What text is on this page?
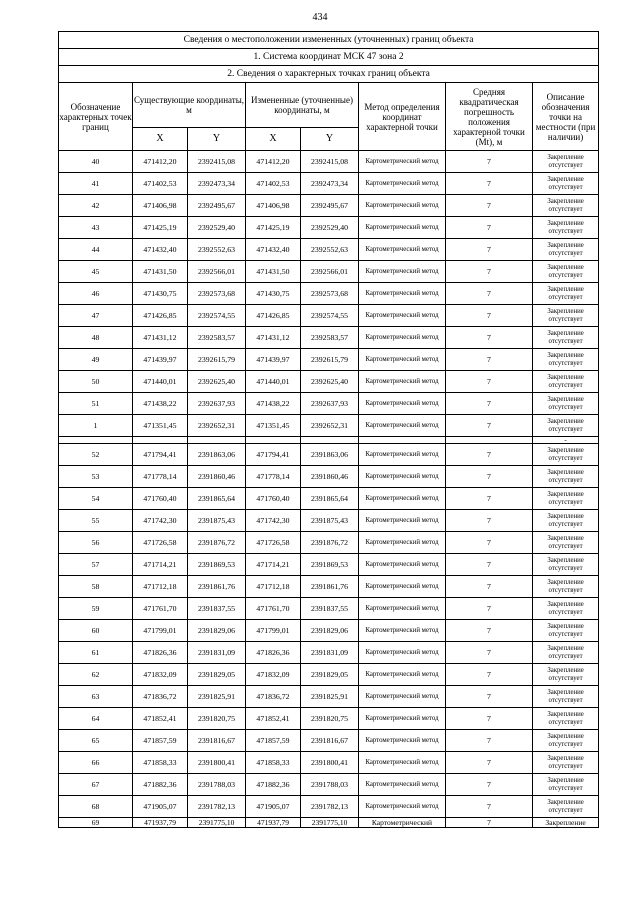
434
Сведения о местоположении измененных (уточненных) границ объекта							
1. Система координат МСК 47 зона 2							
2. Сведения о характерных точках границ объекта							
Обозначение характерных точек границ	Существующие координаты, м		Измененные (уточненные) координаты, м		Метод определения координат характерной точки	Средняя квадратическая погрешность положения характерной точки (Мt), м	Описание обозначения точки на местности (при наличии)
	X	Y	X	Y			
40	471412,20	2392415,08	471412,20	2392415,08	Картометрический метод	7	Закрепление отсутствует
41	471402,53	2392473,34	471402,53	2392473,34	Картометрический метод	7	Закрепление отсутствует
42	471406,98	2392495,67	471406,98	2392495,67	Картометрический метод	7	Закрепление отсутствует
43	471425,19	2392529,40	471425,19	2392529,40	Картометрический метод	7	Закрепление отсутствует
44	471432,40	2392552,63	471432,40	2392552,63	Картометрический метод	7	Закрепление отсутствует
45	471431,50	2392566,01	471431,50	2392566,01	Картометрический метод	7	Закрепление отсутствует
46	471430,75	2392573,68	471430,75	2392573,68	Картометрический метод	7	Закрепление отсутствует
47	471426,85	2392574,55	471426,85	2392574,55	Картометрический метод	7	Закрепление отсутствует
48	471431,12	2392583,57	471431,12	2392583,57	Картометрический метод	7	Закрепление отсутствует
49	471439,97	2392615,79	471439,97	2392615,79	Картометрический метод	7	Закрепление отсутствует
50	471440,01	2392625,40	471440,01	2392625,40	Картометрический метод	7	Закрепление отсутствует
51	471438,22	2392637,93	471438,22	2392637,93	Картометрический метод	7	Закрепление отсутствует
1	471351,45	2392652,31	471351,45	2392652,31	Картометрический метод	7	Закрепление отсутствует
							-
52	471794,41	2391863,06	471794,41	2391863,06	Картометрический метод	7	Закрепление отсутствует
53	471778,14	2391860,46	471778,14	2391860,46	Картометрический метод	7	Закрепление отсутствует
54	471760,40	2391865,64	471760,40	2391865,64	Картометрический метод	7	Закрепление отсутствует
55	471742,30	2391875,43	471742,30	2391875,43	Картометрический метод	7	Закрепление отсутствует
56	471726,58	2391876,72	471726,58	2391876,72	Картометрический метод	7	Закрепление отсутствует
57	471714,21	2391869,53	471714,21	2391869,53	Картометрический метод	7	Закрепление отсутствует
58	471712,18	2391861,76	471712,18	2391861,76	Картометрический метод	7	Закрепление отсутствует
59	471761,70	2391837,55	471761,70	2391837,55	Картометрический метод	7	Закрепление отсутствует
60	471799,01	2391829,06	471799,01	2391829,06	Картометрический метод	7	Закрепление отсутствует
61	471826,36	2391831,09	471826,36	2391831,09	Картометрический метод	7	Закрепление отсутствует
62	471832,09	2391829,05	471832,09	2391829,05	Картометрический метод	7	Закрепление отсутствует
63	471836,72	2391825,91	471836,72	2391825,91	Картометрический метод	7	Закрепление отсутствует
64	471852,41	2391820,75	471852,41	2391820,75	Картометрический метод	7	Закрепление отсутствует
65	471857,59	2391816,67	471857,59	2391816,67	Картометрический метод	7	Закрепление отсутствует
66	471858,33	2391800,41	471858,33	2391800,41	Картометрический метод	7	Закрепление отсутствует
67	471882,36	2391788,03	471882,36	2391788,03	Картометрический метод	7	Закрепление отсутствует
68	471905,07	2391782,13	471905,07	2391782,13	Картометрический метод	7	Закрепление отсутствует
69	471937,79	2391775,10	471937,79	2391775,10	Картометрический	7	Закрепление
